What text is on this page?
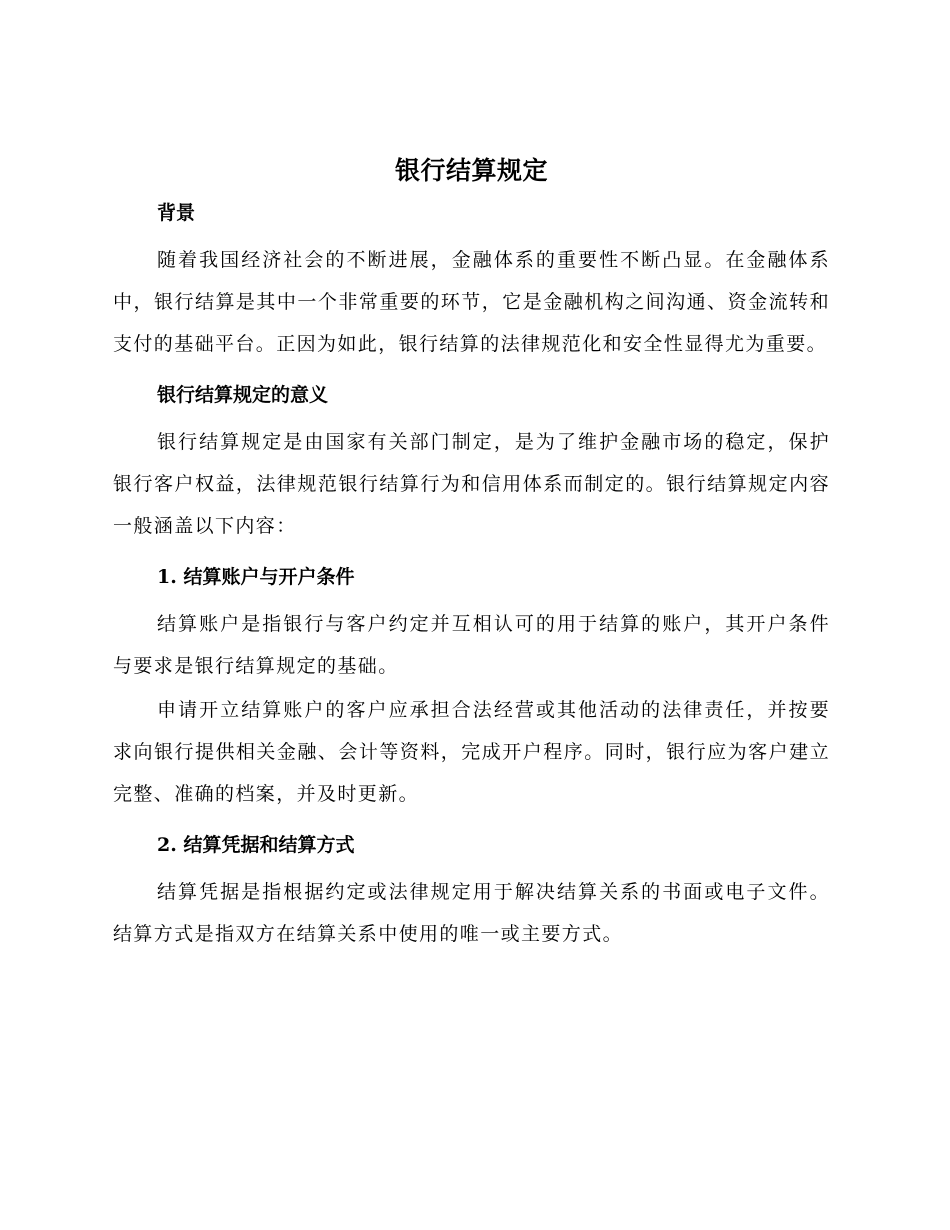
银行结算规定
背景

随着我国经济社会的不断进展，金融体系的重要性不断凸显。在金融体系中，银行结算是其中一个非常重要的环节，它是金融机构之间沟通、资金流转和支付的基础平台。正因为如此，银行结算的法律规范化和安全性显得尤为重要。

银行结算规定的意义

银行结算规定是由国家有关部门制定，是为了维护金融市场的稳定，保护银行客户权益，法律规范银行结算行为和信用体系而制定的。银行结算规定内容一般涵盖以下内容：

1. 结算账户与开户条件

结算账户是指银行与客户约定并互相认可的用于结算的账户，其开户条件与要求是银行结算规定的基础。

申请开立结算账户的客户应承担合法经营或其他活动的法律责任，并按要求向银行提供相关金融、会计等资料，完成开户程序。同时，银行应为客户建立完整、准确的档案，并及时更新。

2. 结算凭据和结算方式

结算凭据是指根据约定或法律规定用于解决结算关系的书面或电子文件。结算方式是指双方在结算关系中使用的唯一或主要方式。
